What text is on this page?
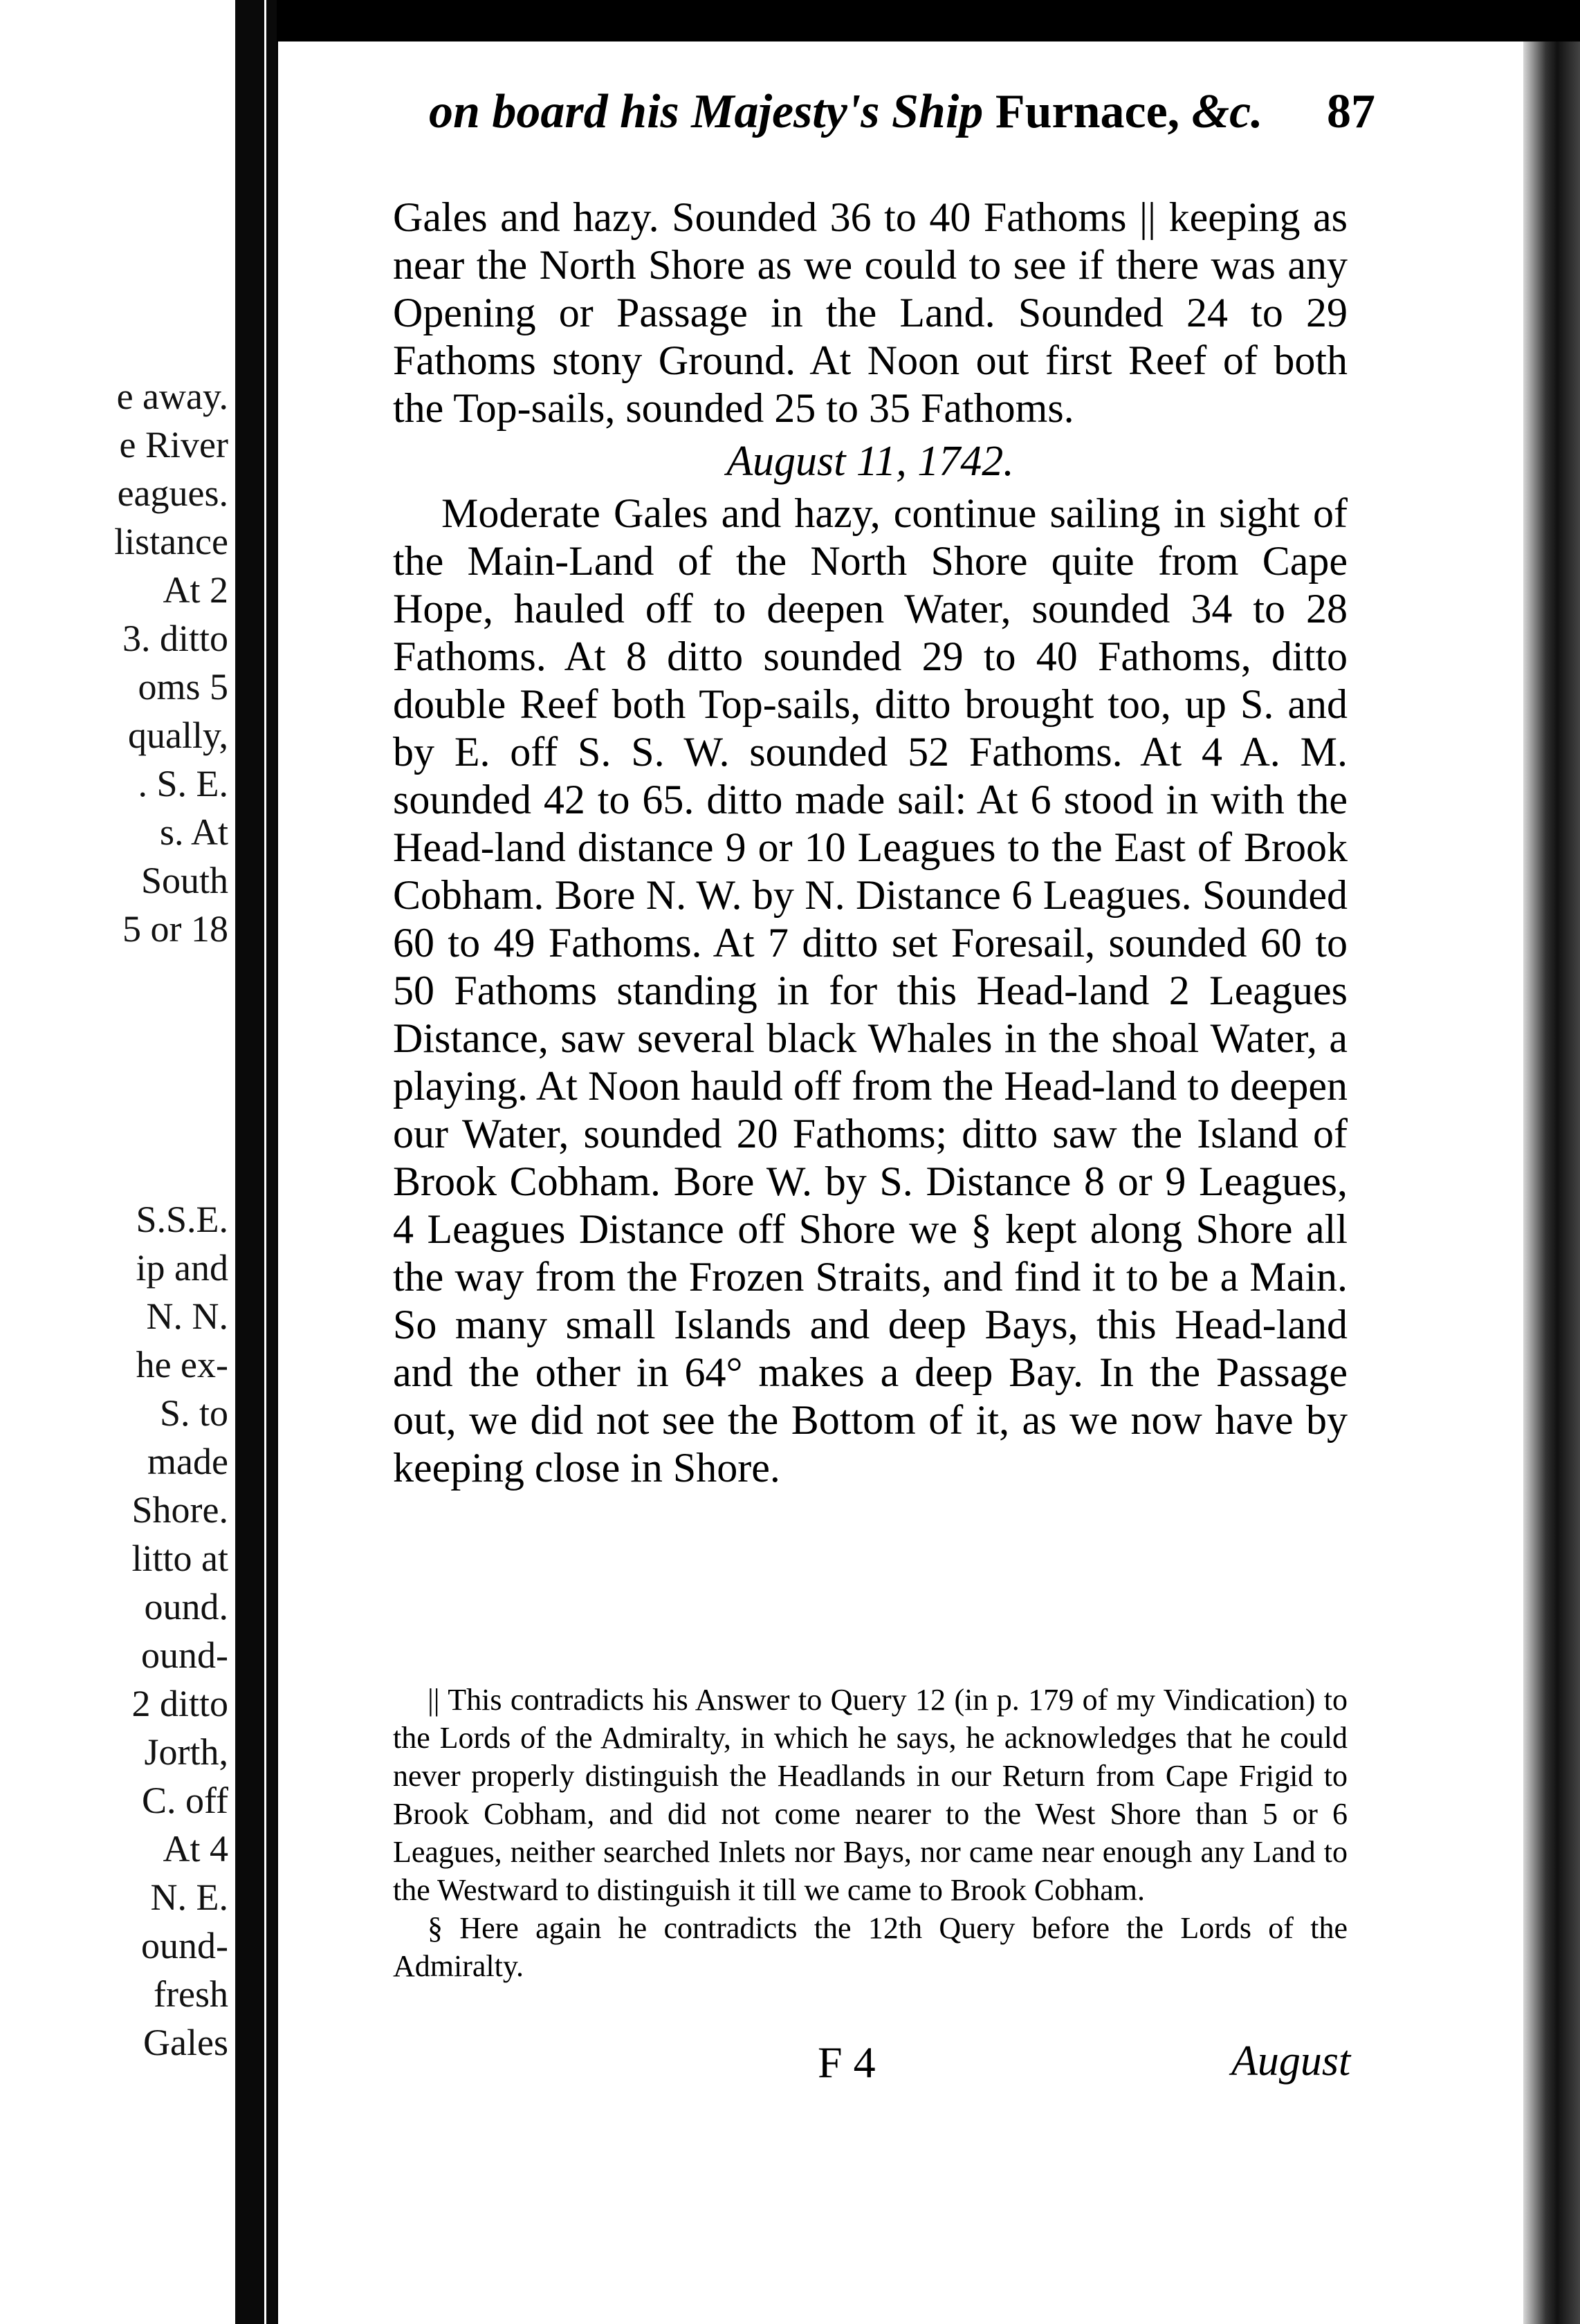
e away.
e River
eagues.
listance
At 2
3. ditto
oms 5
qually,
. S. E.
s. At
South
5 or 18
S.S.E.
ip and
N. N.
he ex-
S. to
made
Shore.
litto at
ound.
ound-
2 ditto
Jorth,
C. off
At 4
N. E.
ound-
fresh
Gales
on board his Majesty's Ship Furnace, &c. 87

Gales and hazy. Sounded 36 to 40 Fathoms || keeping as near the North Shore as we could to see if there was any Opening or Passage in the Land. Sounded 24 to 29 Fathoms stony Ground. At Noon out first Reef of both the Top-sails, sounded 25 to 35 Fathoms.

August 11, 1742.

Moderate Gales and hazy, continue sailing in sight of the Main-Land of the North Shore quite from Cape Hope, hauled off to deepen Water, sounded 34 to 28 Fathoms. At 8 ditto sounded 29 to 40 Fathoms, ditto double Reef both Top-sails, ditto brought too, up S. and by E. off S. S. W. sounded 52 Fathoms. At 4 A. M. sounded 42 to 65. ditto made sail: At 6 stood in with the Head-land distance 9 or 10 Leagues to the East of Brook Cobham. Bore N. W. by N. Distance 6 Leagues. Sounded 60 to 49 Fathoms. At 7 ditto set Foresail, sounded 60 to 50 Fathoms standing in for this Head-land 2 Leagues Distance, saw several black Whales in the shoal Water, a playing. At Noon hauld off from the Head-land to deepen our Water, sounded 20 Fathoms; ditto saw the Island of Brook Cobham. Bore W. by S. Distance 8 or 9 Leagues, 4 Leagues Distance off Shore we § kept along Shore all the way from the Frozen Straits, and find it to be a Main. So many small Islands and deep Bays, this Head-land and the other in 64° makes a deep Bay. In the Passage out, we did not see the Bottom of it, as we now have by keeping close in Shore.

|| This contradicts his Answer to Query 12 (in p. 179 of my Vindication) to the Lords of the Admiralty, in which he says, he acknowledges that he could never properly distinguish the Headlands in our Return from Cape Frigid to Brook Cobham, and did not come nearer to the West Shore than 5 or 6 Leagues, neither searched Inlets nor Bays, nor came near enough any Land to the Westward to distinguish it till we came to Brook Cobham.

§ Here again he contradicts the 12th Query before the Lords of the Admiralty.

F 4	August
